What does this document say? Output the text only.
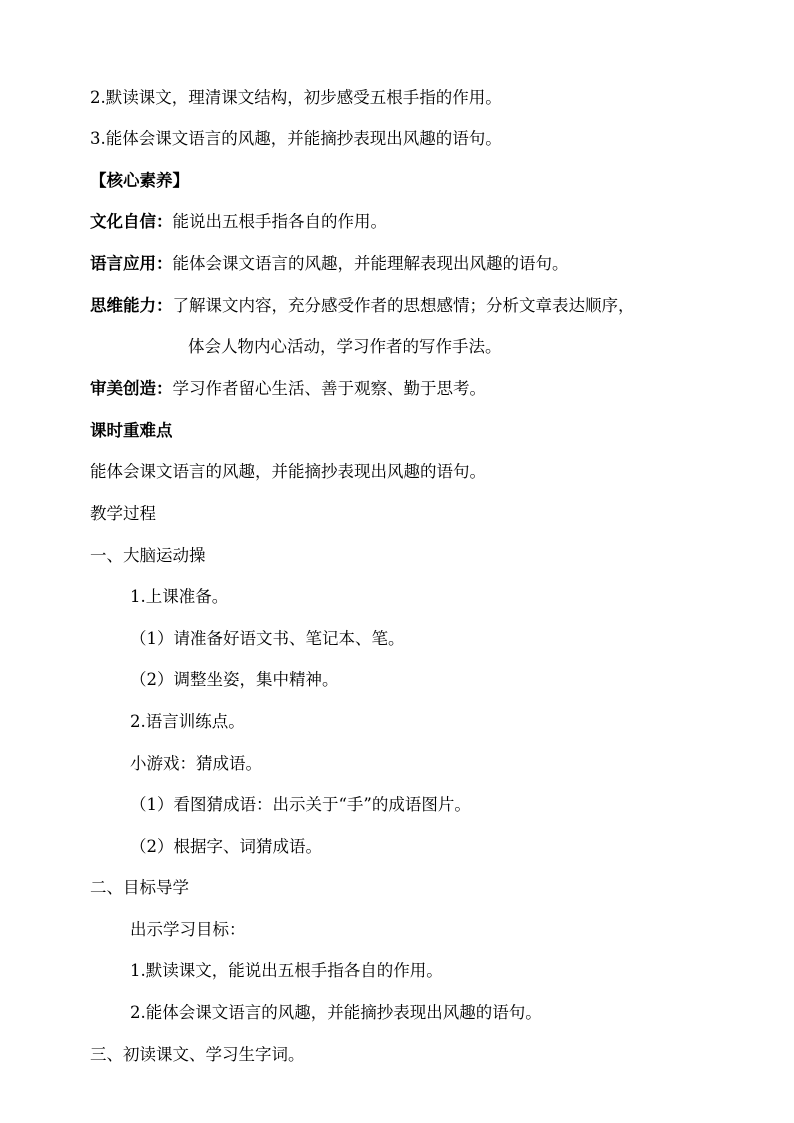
2.默读课文，理清课文结构，初步感受五根手指的作用。
3.能体会课文语言的风趣，并能摘抄表现出风趣的语句。
【核心素养】
文化自信：能说出五根手指各自的作用。
语言应用：能体会课文语言的风趣，并能理解表现出风趣的语句。
思维能力：了解课文内容，充分感受作者的思想感情；分析文章表达顺序，
体会人物内心活动，学习作者的写作手法。
审美创造：学习作者留心生活、善于观察、勤于思考。
课时重难点
能体会课文语言的风趣，并能摘抄表现出风趣的语句。
教学过程
一、大脑运动操
1.上课准备。
（1）请准备好语文书、笔记本、笔。
（2）调整坐姿，集中精神。
2.语言训练点。
小游戏：猜成语。
（1）看图猜成语：出示关于“手”的成语图片。
（2）根据字、词猜成语。
二、目标导学
出示学习目标：
1.默读课文，能说出五根手指各自的作用。
2.能体会课文语言的风趣，并能摘抄表现出风趣的语句。
三、初读课文、学习生字词。
